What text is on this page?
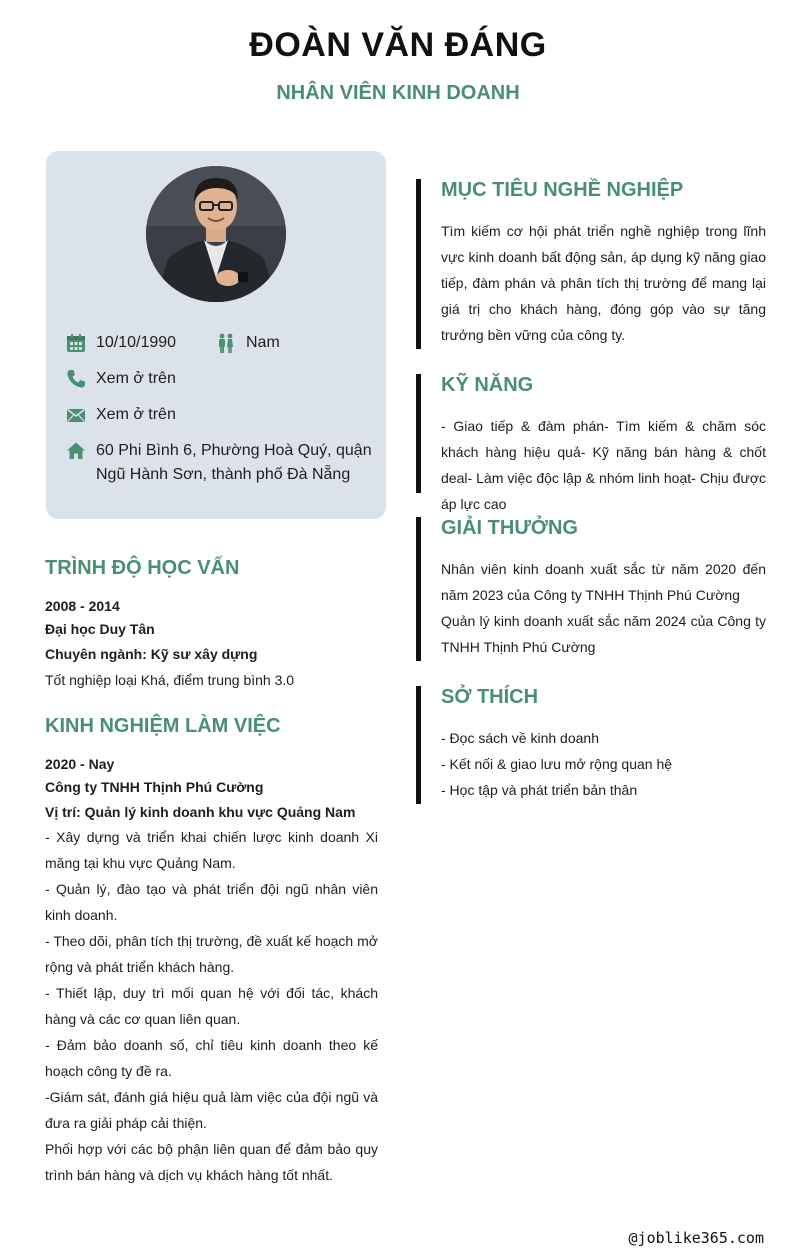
ĐOÀN VĂN ĐÁNG
NHÂN VIÊN KINH DOANH
10/10/1990	Nam
Xem ở trên
Xem ở trên
60 Phi Bình 6, Phường Hoà Quý, quận
Ngũ Hành Sơn, thành phố Đà Nẵng
TRÌNH ĐỘ HỌC VẤN
2008 - 2014
Đại học Duy Tân
Chuyên ngành: Kỹ sư xây dựng
Tốt nghiệp loại Khá, điểm trung bình 3.0
KINH NGHIỆM LÀM VIỆC
2020 - Nay
Công ty TNHH Thịnh Phú Cường
Vị trí: Quản lý kinh doanh khu vực Quảng Nam
- Xây dựng và triển khai chiến lược kinh doanh Xi măng tại khu vực Quảng Nam.
- Quản lý, đào tạo và phát triển đội ngũ nhân viên kinh doanh.
- Theo dõi, phân tích thị trường, đề xuất kế hoạch mở rộng và phát triển khách hàng.
- Thiết lập, duy trì mối quan hệ với đối tác, khách hàng và các cơ quan liên quan.
- Đảm bảo doanh số, chỉ tiêu kinh doanh theo kế hoạch công ty đề ra.
-Giám sát, đánh giá hiệu quả làm việc của đội ngũ và đưa ra giải pháp cải thiện.
Phối hợp với các bộ phận liên quan để đảm bảo quy trình bán hàng và dịch vụ khách hàng tốt nhất.
MỤC TIÊU NGHỀ NGHIỆP
Tìm kiếm cơ hội phát triển nghề nghiệp trong lĩnh vực kinh doanh bất động sản, áp dụng kỹ năng giao tiếp, đàm phán và phân tích thị trường để mang lại giá trị cho khách hàng, đóng góp vào sự tăng trưởng bền vững của công ty.
KỸ NĂNG
- Giao tiếp & đàm phán- Tìm kiếm & chăm sóc khách hàng hiệu quả- Kỹ năng bán hàng & chốt deal- Làm việc độc lập & nhóm linh hoạt- Chịu được áp lực cao
GIẢI THƯỞNG
Nhân viên kinh doanh xuất sắc từ năm 2020 đến năm 2023 của Công ty TNHH Thịnh Phú Cường
Quản lý kinh doanh xuất sắc năm 2024 của Công ty TNHH Thịnh Phú Cường
SỞ THÍCH
- Đọc sách về kinh doanh
- Kết nối & giao lưu mở rộng quan hệ
- Học tập và phát triển bản thân
@joblike365.com
